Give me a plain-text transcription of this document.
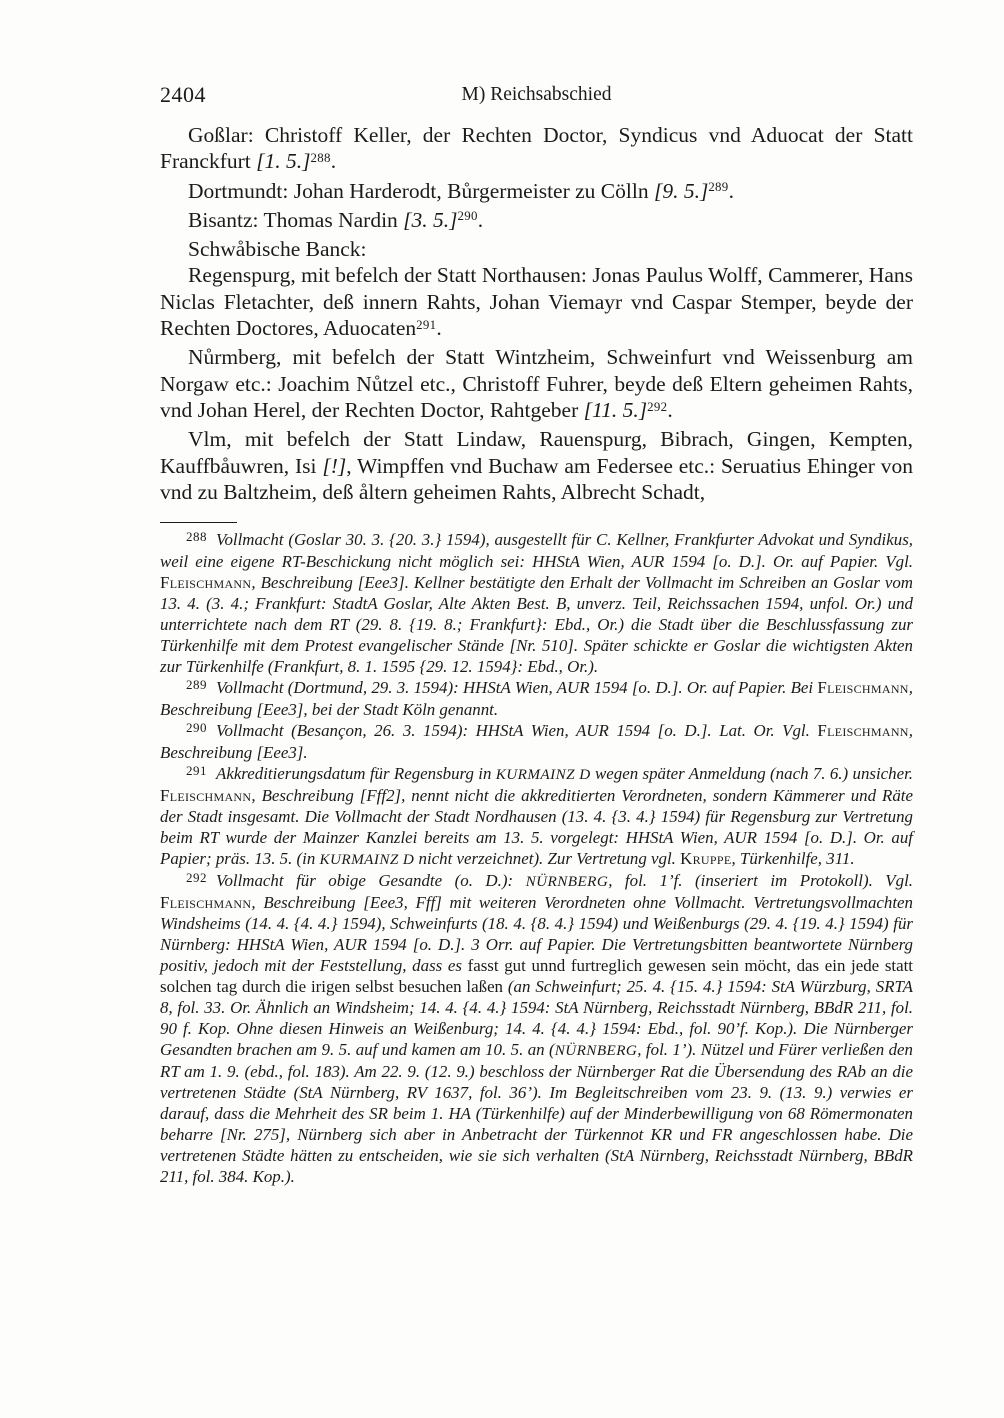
2404	M) Reichsabschied

Goßlar: Christoff Keller, der Rechten Doctor, Syndicus vnd Aduocat der Statt Franckfurt [1. 5.]$^{288}$.

Dortmundt: Johan Harderodt, Bůrgermeister zu Cölln [9. 5.]$^{289}$.

Bisantz: Thomas Nardin [3. 5.]$^{290}$.

Schwåbische Banck:

Regenspurg, mit befelch der Statt Northausen: Jonas Paulus Wolff, Cammerer, Hans Niclas Fletachter, deß innern Rahts, Johan Viemayr vnd Caspar Stemper, beyde der Rechten Doctores, Aduocaten$^{291}$.

Nůrmberg, mit befelch der Statt Wintzheim, Schweinfurt vnd Weissenburg am Norgaw etc.: Joachim Nůtzel etc., Christoff Fuhrer, beyde deß Eltern geheimen Rahts, vnd Johan Herel, der Rechten Doctor, Rahtgeber [11. 5.]$^{292}$.

Vlm, mit befelch der Statt Lindaw, Rauenspurg, Bibrach, Gingen, Kempten, Kauffbåuwren, Isi [!], Wimpffen vnd Buchaw am Federsee etc.: Seruatius Ehinger von vnd zu Baltzheim, deß åltern geheimen Rahts, Albrecht Schadt,

$^{288}$ Vollmacht (Goslar 30. 3. {20. 3.} 1594), ausgestellt für C. Kellner, Frankfurter Advokat und Syndikus, weil eine eigene RT-Beschickung nicht möglich sei: HHStA Wien, AUR 1594 [o. D.]. Or. auf Papier. Vgl. Fleischmann, Beschreibung [Eee3]. Kellner bestätigte den Erhalt der Vollmacht im Schreiben an Goslar vom 13. 4. (3. 4.; Frankfurt: StadtA Goslar, Alte Akten Best. B, unverz. Teil, Reichssachen 1594, unfol. Or.) und unterrichtete nach dem RT (29. 8. {19. 8.; Frankfurt}: Ebd., Or.) die Stadt über die Beschlussfassung zur Türkenhilfe mit dem Protest evangelischer Stände [Nr. 510]. Später schickte er Goslar die wichtigsten Akten zur Türkenhilfe (Frankfurt, 8. 1. 1595 {29. 12. 1594}: Ebd., Or.).

$^{289}$ Vollmacht (Dortmund, 29. 3. 1594): HHStA Wien, AUR 1594 [o. D.]. Or. auf Papier. Bei Fleischmann, Beschreibung [Eee3], bei der Stadt Köln genannt.

$^{290}$ Vollmacht (Besançon, 26. 3. 1594): HHStA Wien, AUR 1594 [o. D.]. Lat. Or. Vgl. Fleischmann, Beschreibung [Eee3].

$^{291}$ Akkreditierungsdatum für Regensburg in KURMAINZ D wegen später Anmeldung (nach 7. 6.) unsicher. Fleischmann, Beschreibung [Fff2], nennt nicht die akkreditierten Verordneten, sondern Kämmerer und Räte der Stadt insgesamt. Die Vollmacht der Stadt Nordhausen (13. 4. {3. 4.} 1594) für Regensburg zur Vertretung beim RT wurde der Mainzer Kanzlei bereits am 13. 5. vorgelegt: HHStA Wien, AUR 1594 [o. D.]. Or. auf Papier; präs. 13. 5. (in KURMAINZ D nicht verzeichnet). Zur Vertretung vgl. Kruppe, Türkenhilfe, 311.

$^{292}$ Vollmacht für obige Gesandte (o. D.): NÜRNBERG, fol. 1’f. (inseriert im Protokoll). Vgl. Fleischmann, Beschreibung [Eee3, Fff] mit weiteren Verordneten ohne Vollmacht. Vertretungsvollmachten Windsheims (14. 4. {4. 4.} 1594), Schweinfurts (18. 4. {8. 4.} 1594) und Weißenburgs (29. 4. {19. 4.} 1594) für Nürnberg: HHStA Wien, AUR 1594 [o. D.]. 3 Orr. auf Papier. Die Vertretungsbitten beantwortete Nürnberg positiv, jedoch mit der Feststellung, dass es fasst gut unnd furtreglich gewesen sein möcht, das ein jede statt solchen tag durch die irigen selbst besuchen laßen (an Schweinfurt; 25. 4. {15. 4.} 1594: StA Würzburg, SRTA 8, fol. 33. Or. Ähnlich an Windsheim; 14. 4. {4. 4.} 1594: StA Nürnberg, Reichsstadt Nürnberg, BBdR 211, fol. 90 f. Kop. Ohne diesen Hinweis an Weißenburg; 14. 4. {4. 4.} 1594: Ebd., fol. 90’f. Kop.). Die Nürnberger Gesandten brachen am 9. 5. auf und kamen am 10. 5. an (NÜRNBERG, fol. 1’). Nützel und Fürer verließen den RT am 1. 9. (ebd., fol. 183). Am 22. 9. (12. 9.) beschloss der Nürnberger Rat die Übersendung des RAb an die vertretenen Städte (StA Nürnberg, RV 1637, fol. 36’). Im Begleitschreiben vom 23. 9. (13. 9.) verwies er darauf, dass die Mehrheit des SR beim 1. HA (Türkenhilfe) auf der Minderbewilligung von 68 Römermonaten beharre [Nr. 275], Nürnberg sich aber in Anbetracht der Türkennot KR und FR angeschlossen habe. Die vertretenen Städte hätten zu entscheiden, wie sie sich verhalten (StA Nürnberg, Reichsstadt Nürnberg, BBdR 211, fol. 384. Kop.).
